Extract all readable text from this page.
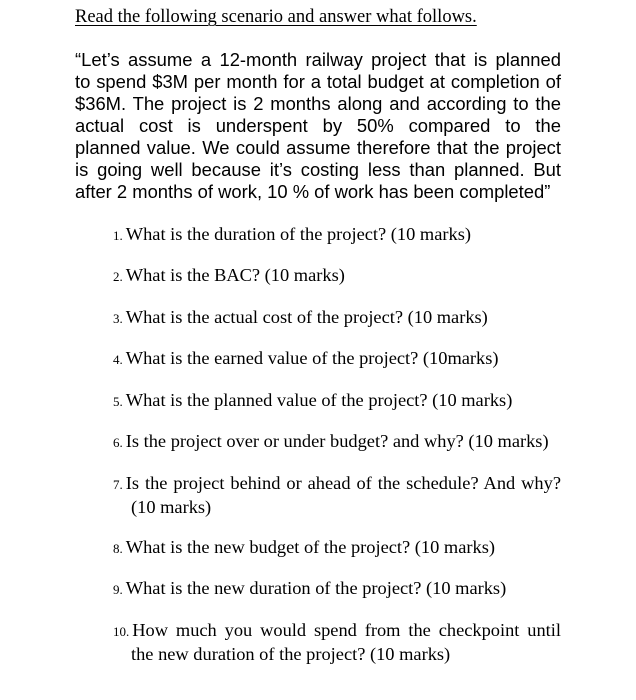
Read the following scenario and answer what follows.
“Let’s assume a 12-month railway project that is planned
to spend $3M per month for a total budget at completion of
$36M. The project is 2 months along and according to the
actual cost is underspent by 50% compared to the
planned value. We could assume therefore that the project
is going well because it’s costing less than planned. But
after 2 months of work, 10 % of work has been completed”
1. What is the duration of the project? (10 marks)
2. What is the BAC? (10 marks)
3. What is the actual cost of the project? (10 marks)
4. What is the earned value of the project? (10marks)
5. What is the planned value of the project? (10 marks)
6. Is the project over or under budget? and why? (10 marks)
7. Is the project behind or ahead of the schedule? And why?
(10 marks)
8. What is the new budget of the project? (10 marks)
9. What is the new duration of the project? (10 marks)
10. How much you would spend from the checkpoint until
the new duration of the project? (10 marks)
